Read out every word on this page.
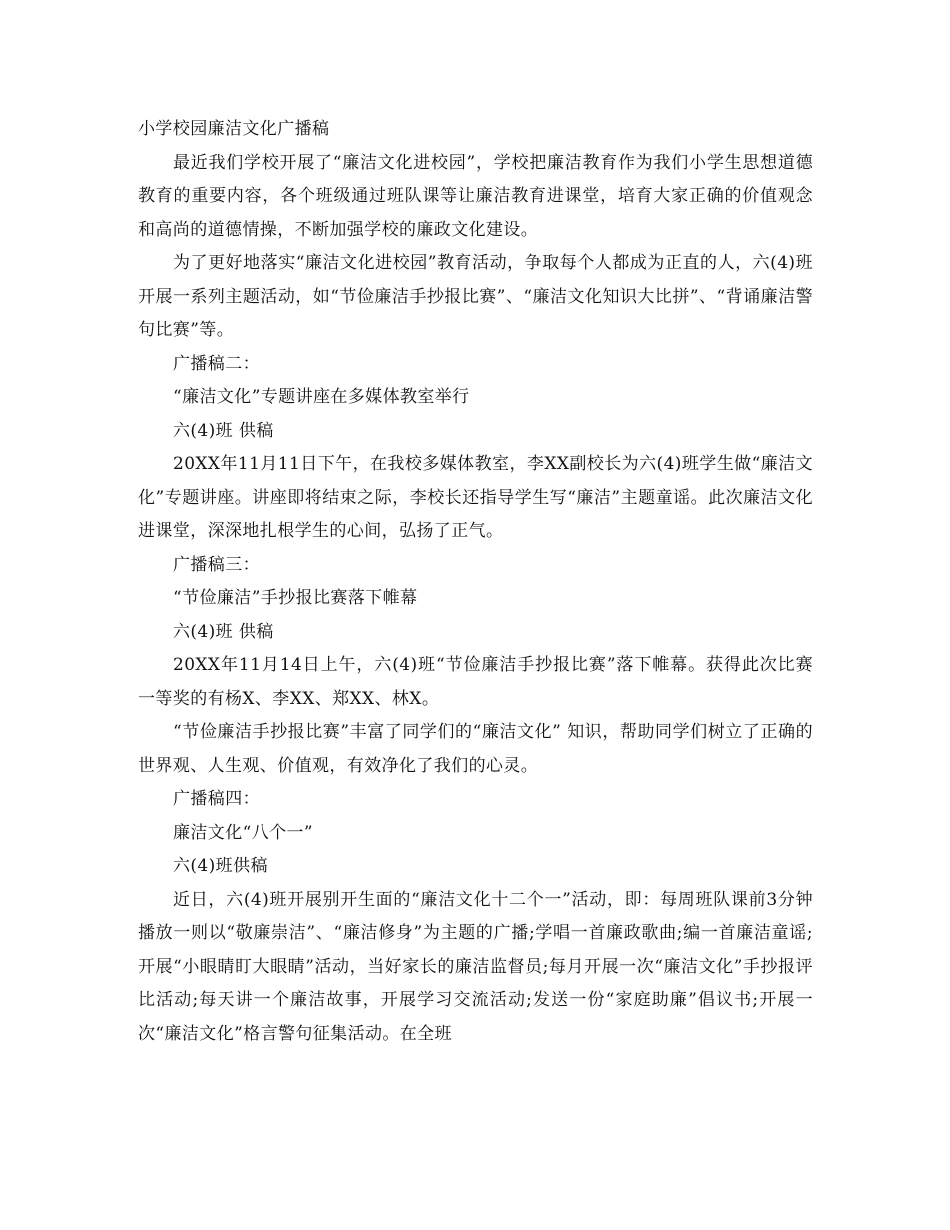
小学校园廉洁文化广播稿
最近我们学校开展了“廉洁文化进校园”，学校把廉洁教育作为我们小学生思想道德教育的重要内容，各个班级通过班队课等让廉洁教育进课堂，培育大家正确的价值观念和高尚的道德情操，不断加强学校的廉政文化建设。
为了更好地落实“廉洁文化进校园”教育活动，争取每个人都成为正直的人，六(4)班开展一系列主题活动，如“节俭廉洁手抄报比赛”、“廉洁文化知识大比拼”、“背诵廉洁警句比赛”等。
广播稿二：
“廉洁文化”专题讲座在多媒体教室举行
六(4)班 供稿
20XX年11月11日下午，在我校多媒体教室，李XX副校长为六(4)班学生做“廉洁文化”专题讲座。讲座即将结束之际，李校长还指导学生写“廉洁”主题童谣。此次廉洁文化进课堂，深深地扎根学生的心间，弘扬了正气。
广播稿三：
“节俭廉洁”手抄报比赛落下帷幕
六(4)班 供稿
20XX年11月14日上午，六(4)班“节俭廉洁手抄报比赛”落下帷幕。获得此次比赛一等奖的有杨X、李XX、郑XX、林X。
“节俭廉洁手抄报比赛”丰富了同学们的“廉洁文化” 知识，帮助同学们树立了正确的世界观、人生观、价值观，有效净化了我们的心灵。
广播稿四：
廉洁文化“八个一”
六(4)班供稿
近日，六(4)班开展别开生面的“廉洁文化十二个一”活动，即：每周班队课前3分钟播放一则以“敬廉崇洁”、“廉洁修身”为主题的广播;学唱一首廉政歌曲;编一首廉洁童谣;开展“小眼睛盯大眼睛”活动，当好家长的廉洁监督员;每月开展一次“廉洁文化”手抄报评比活动;每天讲一个廉洁故事，开展学习交流活动;发送一份“家庭助廉”倡议书;开展一次“廉洁文化”格言警句征集活动。在全班
